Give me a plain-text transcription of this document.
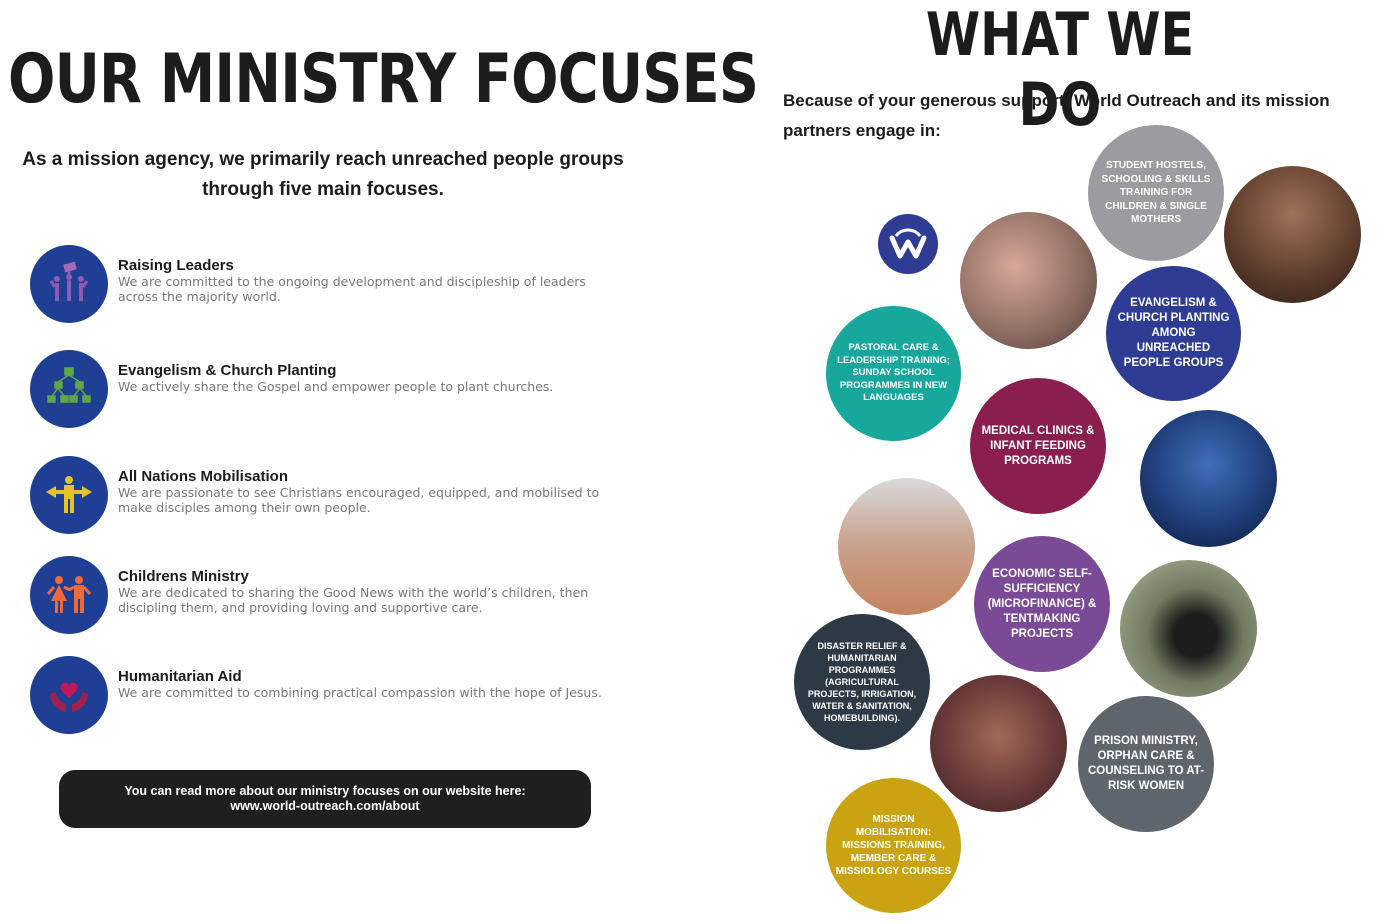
OUR MINISTRY FOCUSES

As a mission agency, we primarily reach unreached people groups through five main focuses.

Raising Leaders
We are committed to the ongoing development and discipleship of leaders across the majority world.
Evangelism & Church Planting
We actively share the Gospel and empower people to plant churches.
All Nations Mobilisation
We are passionate to see Christians encouraged, equipped, and mobilised to make disciples among their own people.
Childrens Ministry
We are dedicated to sharing the Good News with the world’s children, then discipling them, and providing loving and supportive care.
Humanitarian Aid
We are committed to combining practical compassion with the hope of Jesus.
You can read more about our ministry focuses on our website here:
www.world-outreach.com/about
WHAT WE DO

Because of your generous support, World Outreach and its mission partners engage in:

STUDENT HOSTELS, SCHOOLING & SKILLS TRAINING FOR CHILDREN & SINGLE MOTHERS
EVANGELISM & CHURCH PLANTING AMONG UNREACHED PEOPLE GROUPS
PASTORAL CARE & LEADERSHIP TRAINING; SUNDAY SCHOOL PROGRAMMES IN NEW LANGUAGES
MEDICAL CLINICS & INFANT FEEDING PROGRAMS
ECONOMIC SELF-SUFFICIENCY (MICROFINANCE) & TENTMAKING PROJECTS
DISASTER RELIEF & HUMANITARIAN PROGRAMMES (AGRICULTURAL PROJECTS, IRRIGATION, WATER & SANITATION, HOMEBUILDING).
PRISON MINISTRY, ORPHAN CARE & COUNSELING TO AT-RISK WOMEN
MISSION MOBILISATION: MISSIONS TRAINING, MEMBER CARE & MISSIOLOGY COURSES
